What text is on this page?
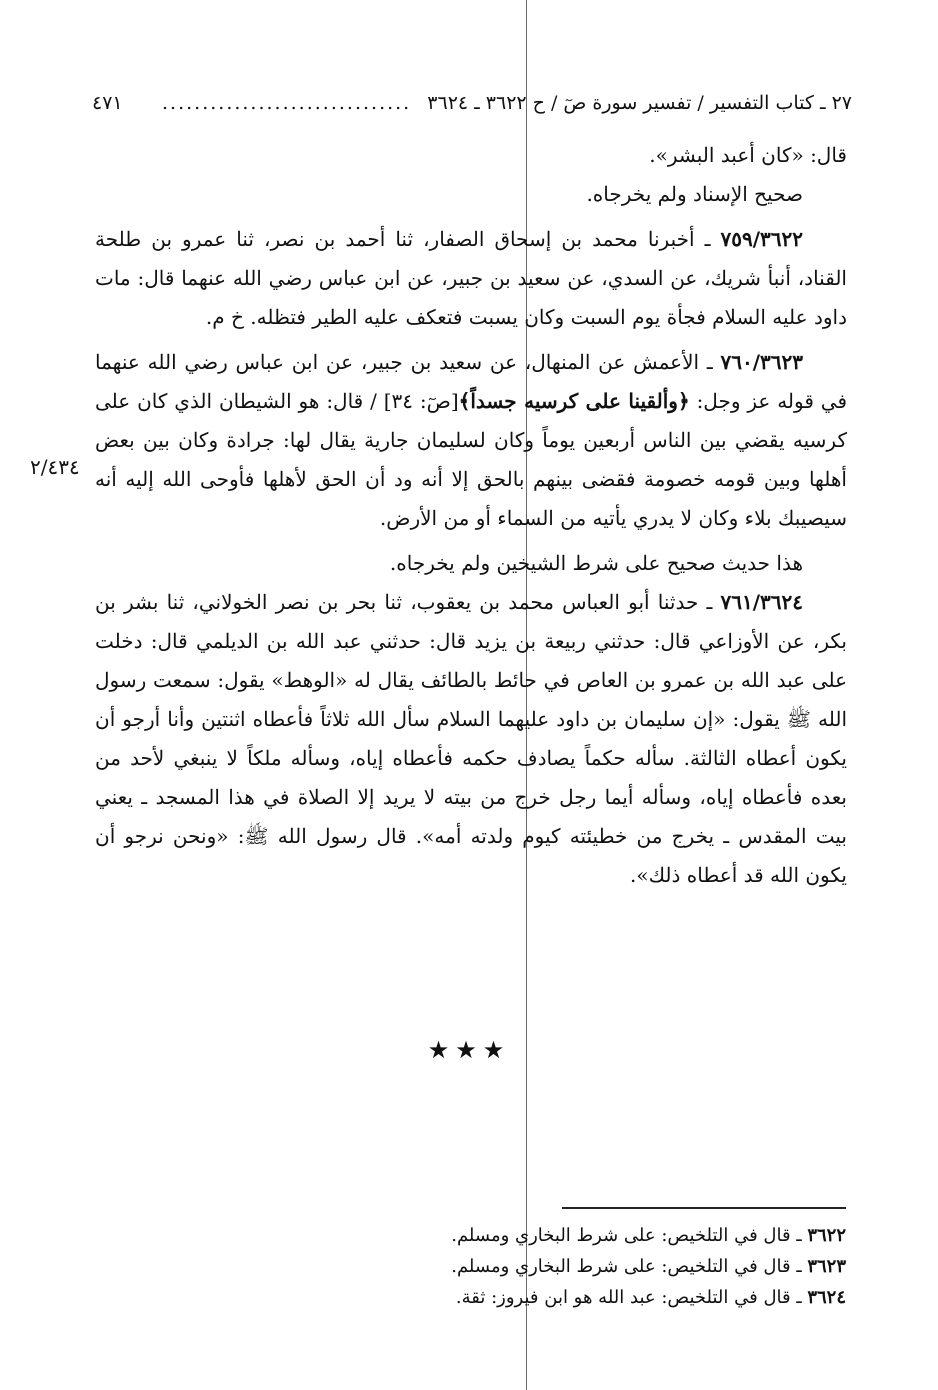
٢٧ ـ كتاب التفسير / تفسير سورة صٓ / ح ٣٦٢٢ ـ ٣٦٢٤
...............................
٤٧١

قال: «كان أعبد البشر».

صحيح الإسناد ولم يخرجاه.

٧٥٩/٣٦٢٢ ـ أخبرنا محمد بن إسحاق الصفار، ثنا أحمد بن نصر، ثنا عمرو بن طلحة القناد، أنبأ شريك، عن السدي، عن سعيد بن جبير، عن ابن عباس رضي الله عنهما قال: مات داود عليه السلام فجأة يوم السبت وكان يسبت فتعكف عليه الطير فتظله. خ م.

٧٦٠/٣٦٢٣ ـ الأعمش عن المنهال، عن سعيد بن جبير، عن ابن عباس رضي الله عنهما في قوله عز وجل: ﴿وألقينا على كرسيه جسداً﴾[صٓ: ٣٤] / قال: هو الشيطان الذي كان على كرسيه يقضي بين الناس أربعين يوماً وكان لسليمان جارية يقال لها: جرادة وكان بين بعض أهلها وبين قومه خصومة فقضى بينهم بالحق إلا أنه ود أن الحق لأهلها فأوحى الله إليه أنه سيصيبك بلاء وكان لا يدري يأتيه من السماء أو من الأرض.

هذا حديث صحيح على شرط الشيخين ولم يخرجاه.

٧٦١/٣٦٢٤ ـ حدثنا أبو العباس محمد بن يعقوب، ثنا بحر بن نصر الخولاني، ثنا بشر بن بكر، عن الأوزاعي قال: حدثني ربيعة بن يزيد قال: حدثني عبد الله بن الديلمي قال: دخلت على عبد الله بن عمرو بن العاص في حائط بالطائف يقال له «الوهط» يقول: سمعت رسول الله ﷺ يقول: «إن سليمان بن داود عليهما السلام سأل الله ثلاثاً فأعطاه اثنتين وأنا أرجو أن يكون أعطاه الثالثة. سأله حكماً يصادف حكمه فأعطاه إياه، وسأله ملكاً لا ينبغي لأحد من بعده فأعطاه إياه، وسأله أيما رجل خرج من بيته لا يريد إلا الصلاة في هذا المسجد ـ يعني بيت المقدس ـ يخرج من خطيئته كيوم ولدته أمه». قال رسول الله ﷺ: «ونحن نرجو أن يكون الله قد أعطاه ذلك».

٢/٤٣٤
★★★

٣٦٢٢ ـ قال في التلخيص: على شرط البخاري ومسلم.

٣٦٢٣ ـ قال في التلخيص: على شرط البخاري ومسلم.

٣٦٢٤ ـ قال في التلخيص: عبد الله هو ابن فيروز: ثقة.
